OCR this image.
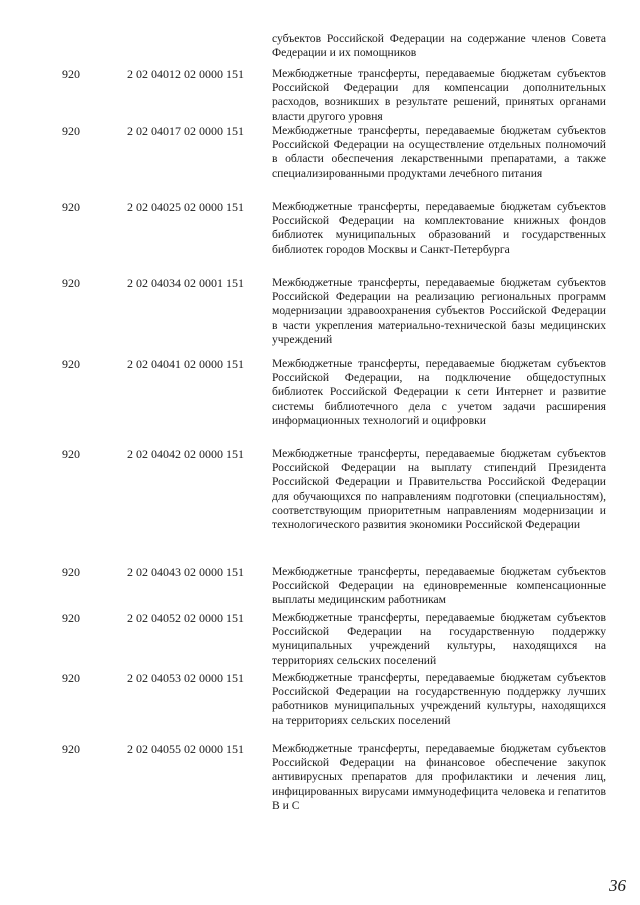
субъектов Российской Федерации на содержание членов Совета Федерации и их помощников
920	2 02 04012 02 0000 151 Межбюджетные трансферты, передаваемые бюджетам субъектов Российской Федерации для компенсации дополнительных расходов, возникших в результате решений, принятых органами власти другого уровня
920	2 02 04017 02 0000 151 Межбюджетные трансферты, передаваемые бюджетам субъектов Российской Федерации на осуществление отдельных полномочий в области обеспечения лекарственными препаратами, а также специализированными продуктами лечебного питания
920	2 02 04025 02 0000 151 Межбюджетные трансферты, передаваемые бюджетам субъектов Российской Федерации на комплектование книжных фондов библиотек муниципальных образований и государственных библиотек городов Москвы и Санкт-Петербурга
920	2 02 04034 02 0001 151 Межбюджетные трансферты, передаваемые бюджетам субъектов Российской Федерации на реализацию региональных программ модернизации здравоохранения субъектов Российской Федерации в части укрепления материально-технической базы медицинских учреждений
920	2 02 04041 02 0000 151 Межбюджетные трансферты, передаваемые бюджетам субъектов Российской Федерации, на подключение общедоступных библиотек Российской Федерации к сети Интернет и развитие системы библиотечного дела с учетом задачи расширения информационных технологий и оцифровки
920	2 02 04042 02 0000 151 Межбюджетные трансферты, передаваемые бюджетам субъектов Российской Федерации на выплату стипендий Президента Российской Федерации и Правительства Российской Федерации для обучающихся по направлениям подготовки (специальностям), соответствующим приоритетным направлениям модернизации и технологического развития экономики Российской Федерации
920	2 02 04043 02 0000 151 Межбюджетные трансферты, передаваемые бюджетам субъектов Российской Федерации на единовременные компенсационные выплаты медицинским работникам
920	2 02 04052 02 0000 151 Межбюджетные трансферты, передаваемые бюджетам субъектов Российской Федерации на государственную поддержку муниципальных учреждений культуры, находящихся на территориях сельских поселений
920	2 02 04053 02 0000 151 Межбюджетные трансферты, передаваемые бюджетам субъектов Российской Федерации на государственную поддержку лучших работников муниципальных учреждений культуры, находящихся на территориях сельских поселений
920	2 02 04055 02 0000 151 Межбюджетные трансферты, передаваемые бюджетам субъектов Российской Федерации на финансовое обеспечение закупок антивирусных препаратов для профилактики и лечения лиц, инфицированных вирусами иммунодефицита человека и гепатитов В и С
36
